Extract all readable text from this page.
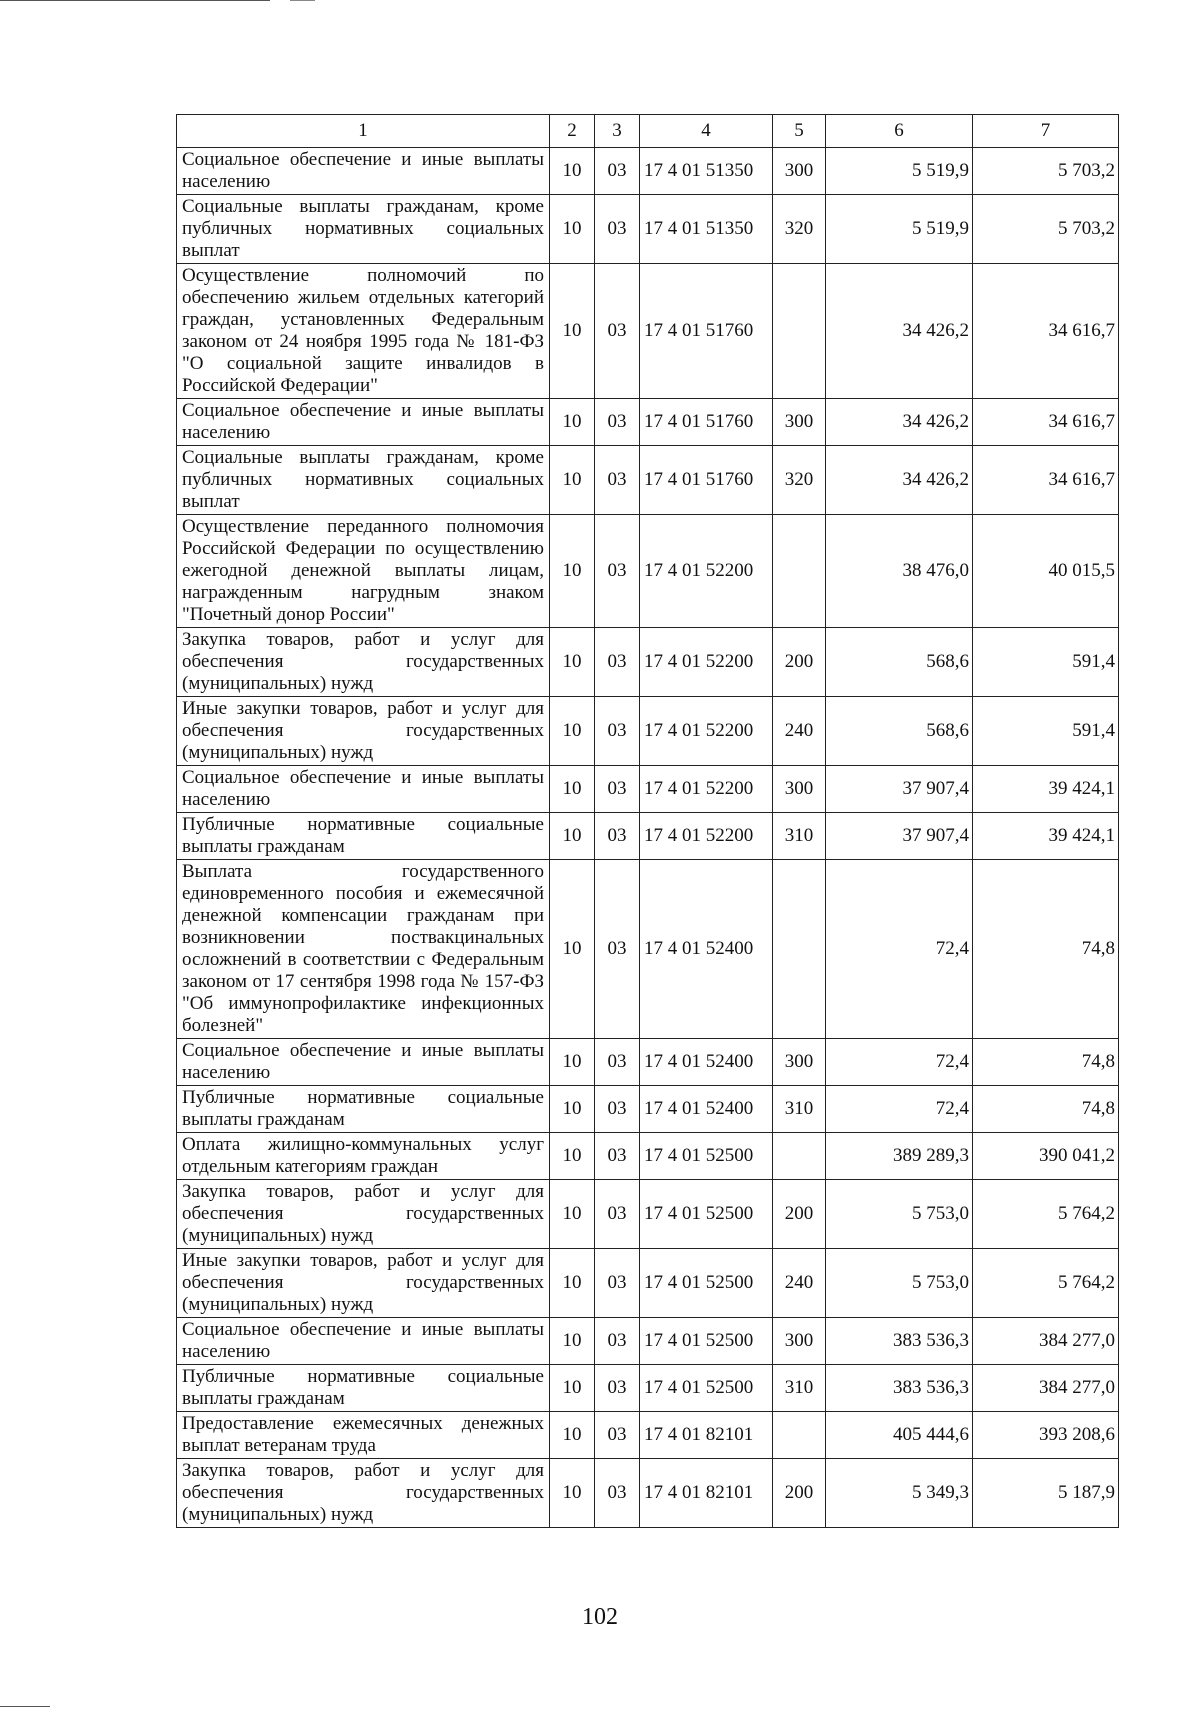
1	2	3	4	5	6	7
Социальное обеспечение и иные выплаты населению	10	03	17 4 01 51350	300	5 519,9	5 703,2
Социальные выплаты гражданам, кроме публичных нормативных социальных выплат	10	03	17 4 01 51350	320	5 519,9	5 703,2
Осуществление полномочий по обеспечению жильем отдельных категорий граждан, установленных Федеральным законом от 24 ноября 1995 года № 181-ФЗ "О социальной защите инвалидов в Российской Федерации"	10	03	17 4 01 51760		34 426,2	34 616,7
Социальное обеспечение и иные выплаты населению	10	03	17 4 01 51760	300	34 426,2	34 616,7
Социальные выплаты гражданам, кроме публичных нормативных социальных выплат	10	03	17 4 01 51760	320	34 426,2	34 616,7
Осуществление переданного полномочия Российской Федерации по осуществлению ежегодной денежной выплаты лицам, награжденным нагрудным знаком "Почетный донор России"	10	03	17 4 01 52200		38 476,0	40 015,5
Закупка товаров, работ и услуг для обеспечения государственных (муниципальных) нужд	10	03	17 4 01 52200	200	568,6	591,4
Иные закупки товаров, работ и услуг для обеспечения государственных (муниципальных) нужд	10	03	17 4 01 52200	240	568,6	591,4
Социальное обеспечение и иные выплаты населению	10	03	17 4 01 52200	300	37 907,4	39 424,1
Публичные нормативные социальные выплаты гражданам	10	03	17 4 01 52200	310	37 907,4	39 424,1
Выплата государственного единовременного пособия и ежемесячной денежной компенсации гражданам при возникновении поствакцинальных осложнений в соответствии с Федеральным законом от 17 сентября 1998 года № 157-ФЗ "Об иммунопрофилактике инфекционных болезней"	10	03	17 4 01 52400		72,4	74,8
Социальное обеспечение и иные выплаты населению	10	03	17 4 01 52400	300	72,4	74,8
Публичные нормативные социальные выплаты гражданам	10	03	17 4 01 52400	310	72,4	74,8
Оплата жилищно-коммунальных услуг отдельным категориям граждан	10	03	17 4 01 52500		389 289,3	390 041,2
Закупка товаров, работ и услуг для обеспечения государственных (муниципальных) нужд	10	03	17 4 01 52500	200	5 753,0	5 764,2
Иные закупки товаров, работ и услуг для обеспечения государственных (муниципальных) нужд	10	03	17 4 01 52500	240	5 753,0	5 764,2
Социальное обеспечение и иные выплаты населению	10	03	17 4 01 52500	300	383 536,3	384 277,0
Публичные нормативные социальные выплаты гражданам	10	03	17 4 01 52500	310	383 536,3	384 277,0
Предоставление ежемесячных денежных выплат ветеранам труда	10	03	17 4 01 82101		405 444,6	393 208,6
Закупка товаров, работ и услуг для обеспечения государственных (муниципальных) нужд	10	03	17 4 01 82101	200	5 349,3	5 187,9
102
